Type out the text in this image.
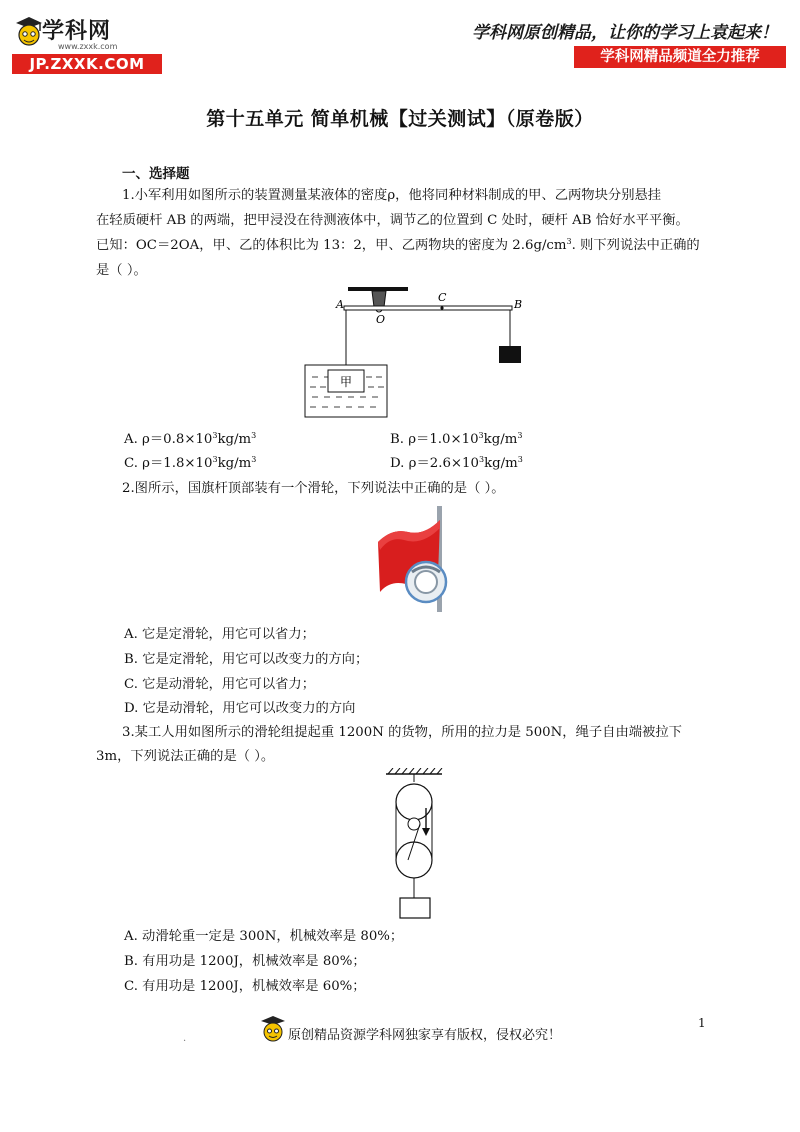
学科网
www.zxxk.com
JP.ZXXK.COM
学科网原创精品，让你的学习上袁起来！
学科网精品频道全力推荐
第十五单元 简单机械【过关测试】（原卷版）
一、选择题
1.小军利用如图所示的装置测量某液体的密度ρ，他将同种材料制成的甲、乙两物块分别悬挂
在轻质硬杆 AB 的两端，把甲浸没在待测液体中，调节乙的位置到 C 处时，硬杆 AB 恰好水平平衡。
已知：OC＝2OA，甲、乙的体积比为 13：2，甲、乙两物块的密度为 $2.6g/cm^3$. 则下列说法中正确的
是（ ）。
甲
A
O
C
B
A. $\rho=0.8\times 10^3kg/m^3$	B. $\rho=1.0\times 10^3kg/m^3$
C. $\rho=1.8\times 10^3kg/m^3$	D. $\rho=2.6\times 10^3kg/m^3$
2.图所示，国旗杆顶部装有一个滑轮，下列说法中正确的是（ ）。
A. 它是定滑轮，用它可以省力；
B. 它是定滑轮，用它可以改变力的方向；
C. 它是动滑轮，用它可以省力；
D. 它是动滑轮，用它可以改变力的方向
3.某工人用如图所示的滑轮组提起重 1200N 的货物，所用的拉力是 500N，绳子自由端被拉下
3m，下列说法正确的是（ ）。
A. 动滑轮重一定是 300N，机械效率是 80%；
B. 有用功是 1200J，机械效率是 80%；
C. 有用功是 1200J，机械效率是 60%；
1
.	原创精品资源学科网独家享有版权，侵权必究！
